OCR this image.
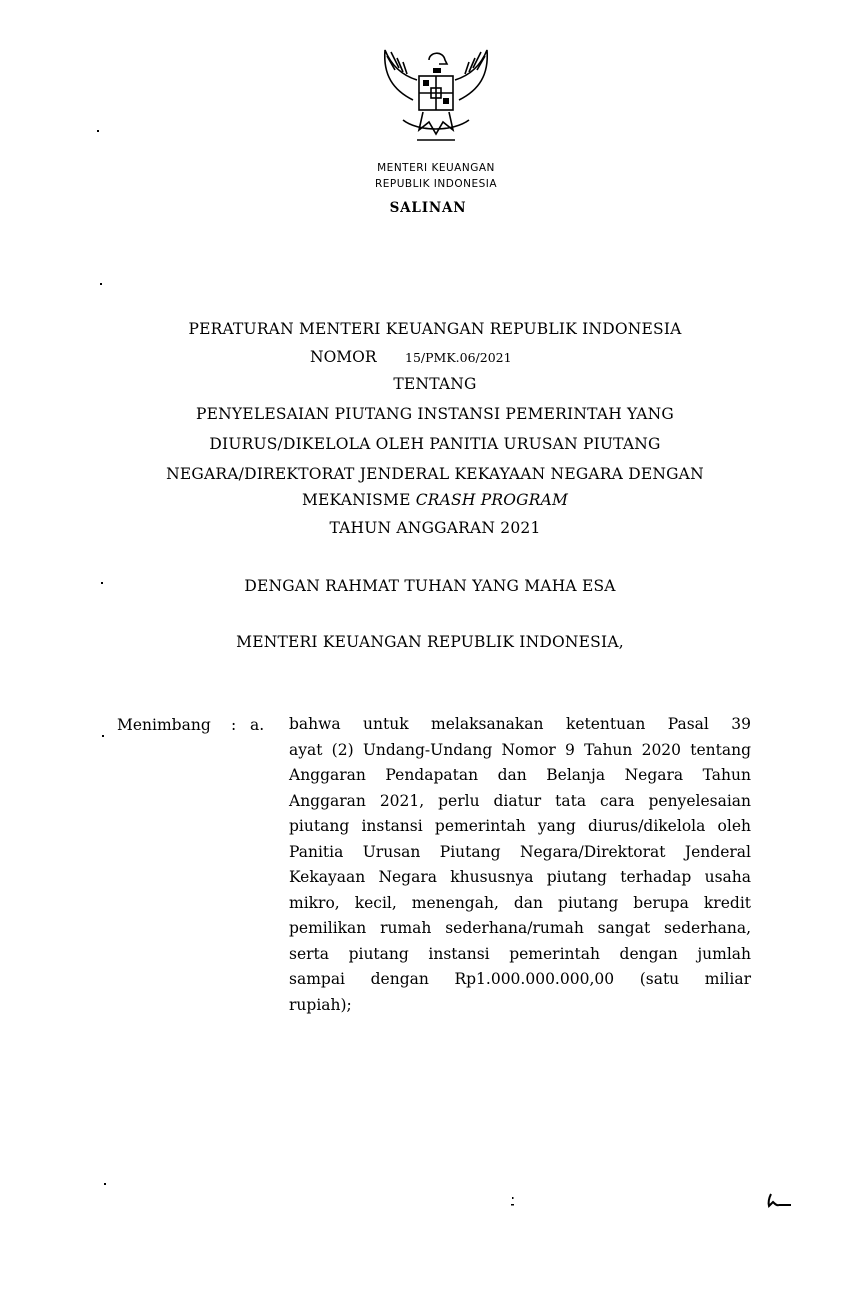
MENTERI KEUANGAN
REPUBLIK INDONESIA
SALINAN
PERATURAN MENTERI KEUANGAN REPUBLIK INDONESIA
NOMOR 15/PMK.06/2021
TENTANG
PENYELESAIAN PIUTANG INSTANSI PEMERINTAH YANG
DIURUS/DIKELOLA OLEH PANITIA URUSAN PIUTANG
NEGARA/DIREKTORAT JENDERAL KEKAYAAN NEGARA DENGAN
MEKANISME CRASH PROGRAM
TAHUN ANGGARAN 2021
DENGAN RAHMAT TUHAN YANG MAHA ESA
MENTERI KEUANGAN REPUBLIK INDONESIA,
Menimbang : a. bahwa untuk melaksanakan ketentuan Pasal 39
ayat (2) Undang-Undang Nomor 9 Tahun 2020 tentang
Anggaran Pendapatan dan Belanja Negara Tahun
Anggaran 2021, perlu diatur tata cara penyelesaian
piutang instansi pemerintah yang diurus/dikelola oleh
Panitia Urusan Piutang Negara/Direktorat Jenderal
Kekayaan Negara khususnya piutang terhadap usaha
mikro, kecil, menengah, dan piutang berupa kredit
pemilikan rumah sederhana/rumah sangat sederhana,
serta piutang instansi pemerintah dengan jumlah
sampai dengan Rp1.000.000.000,00 (satu miliar
rupiah);
